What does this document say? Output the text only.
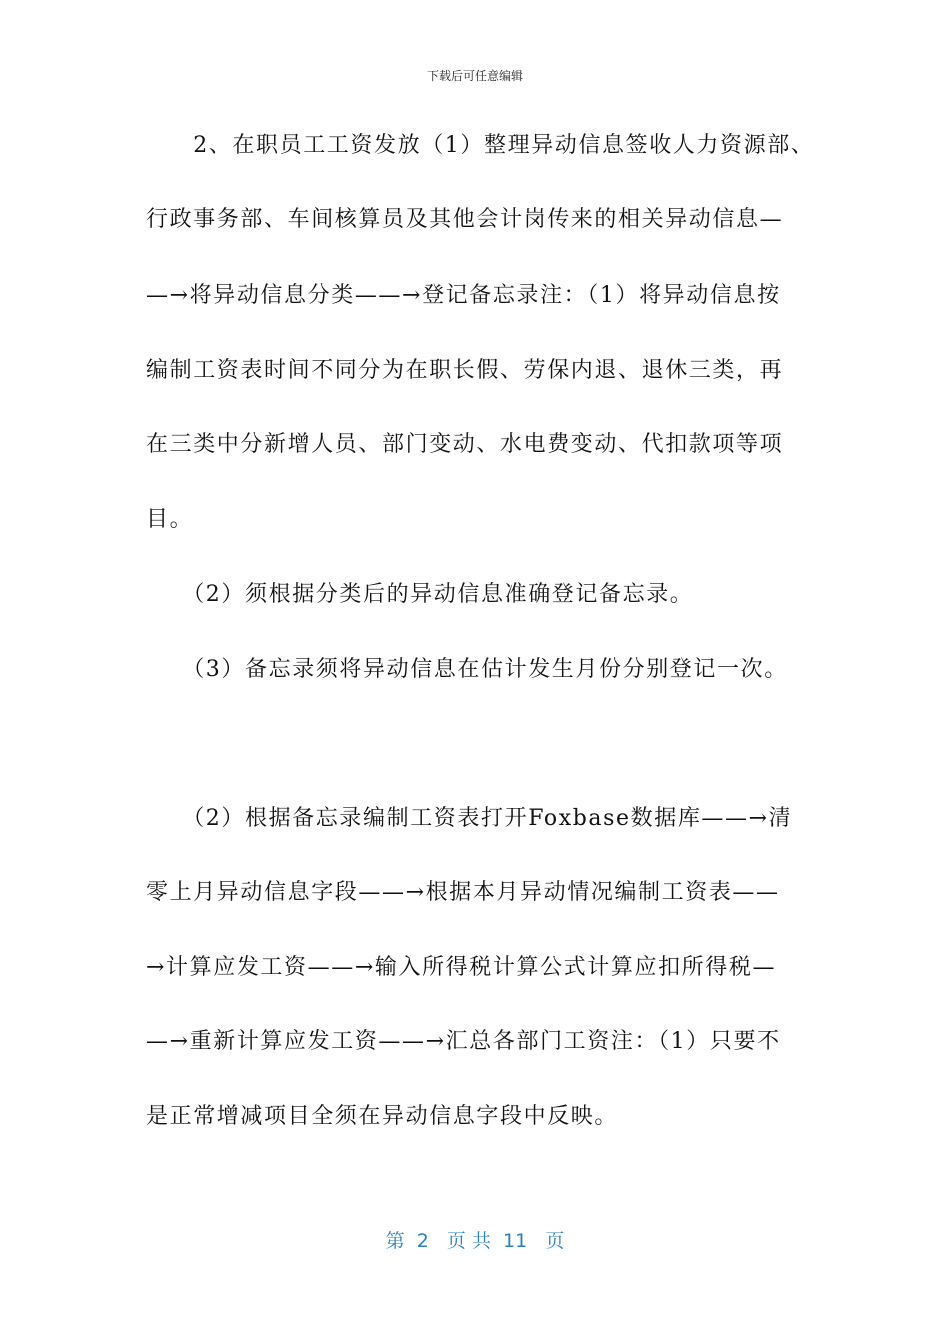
下载后可任意编辑
　　2、在职员工工资发放（1）整理异动信息签收人力资源部、
行政事务部、车间核算员及其他会计岗传来的相关异动信息—
—→将异动信息分类——→登记备忘录注：（1）将异动信息按
编制工资表时间不同分为在职长假、劳保内退、退休三类，再
在三类中分新增人员、部门变动、水电费变动、代扣款项等项
目。
　　（2）须根据分类后的异动信息准确登记备忘录。
　　（3）备忘录须将异动信息在估计发生月份分别登记一次。
　　（2）根据备忘录编制工资表打开Foxbase数据库——→清
零上月异动信息字段——→根据本月异动情况编制工资表——
→计算应发工资——→输入所得税计算公式计算应扣所得税—
—→重新计算应发工资——→汇总各部门工资注：（1）只要不
是正常增减项目全须在异动信息字段中反映。
第  2   页 共  11   页
